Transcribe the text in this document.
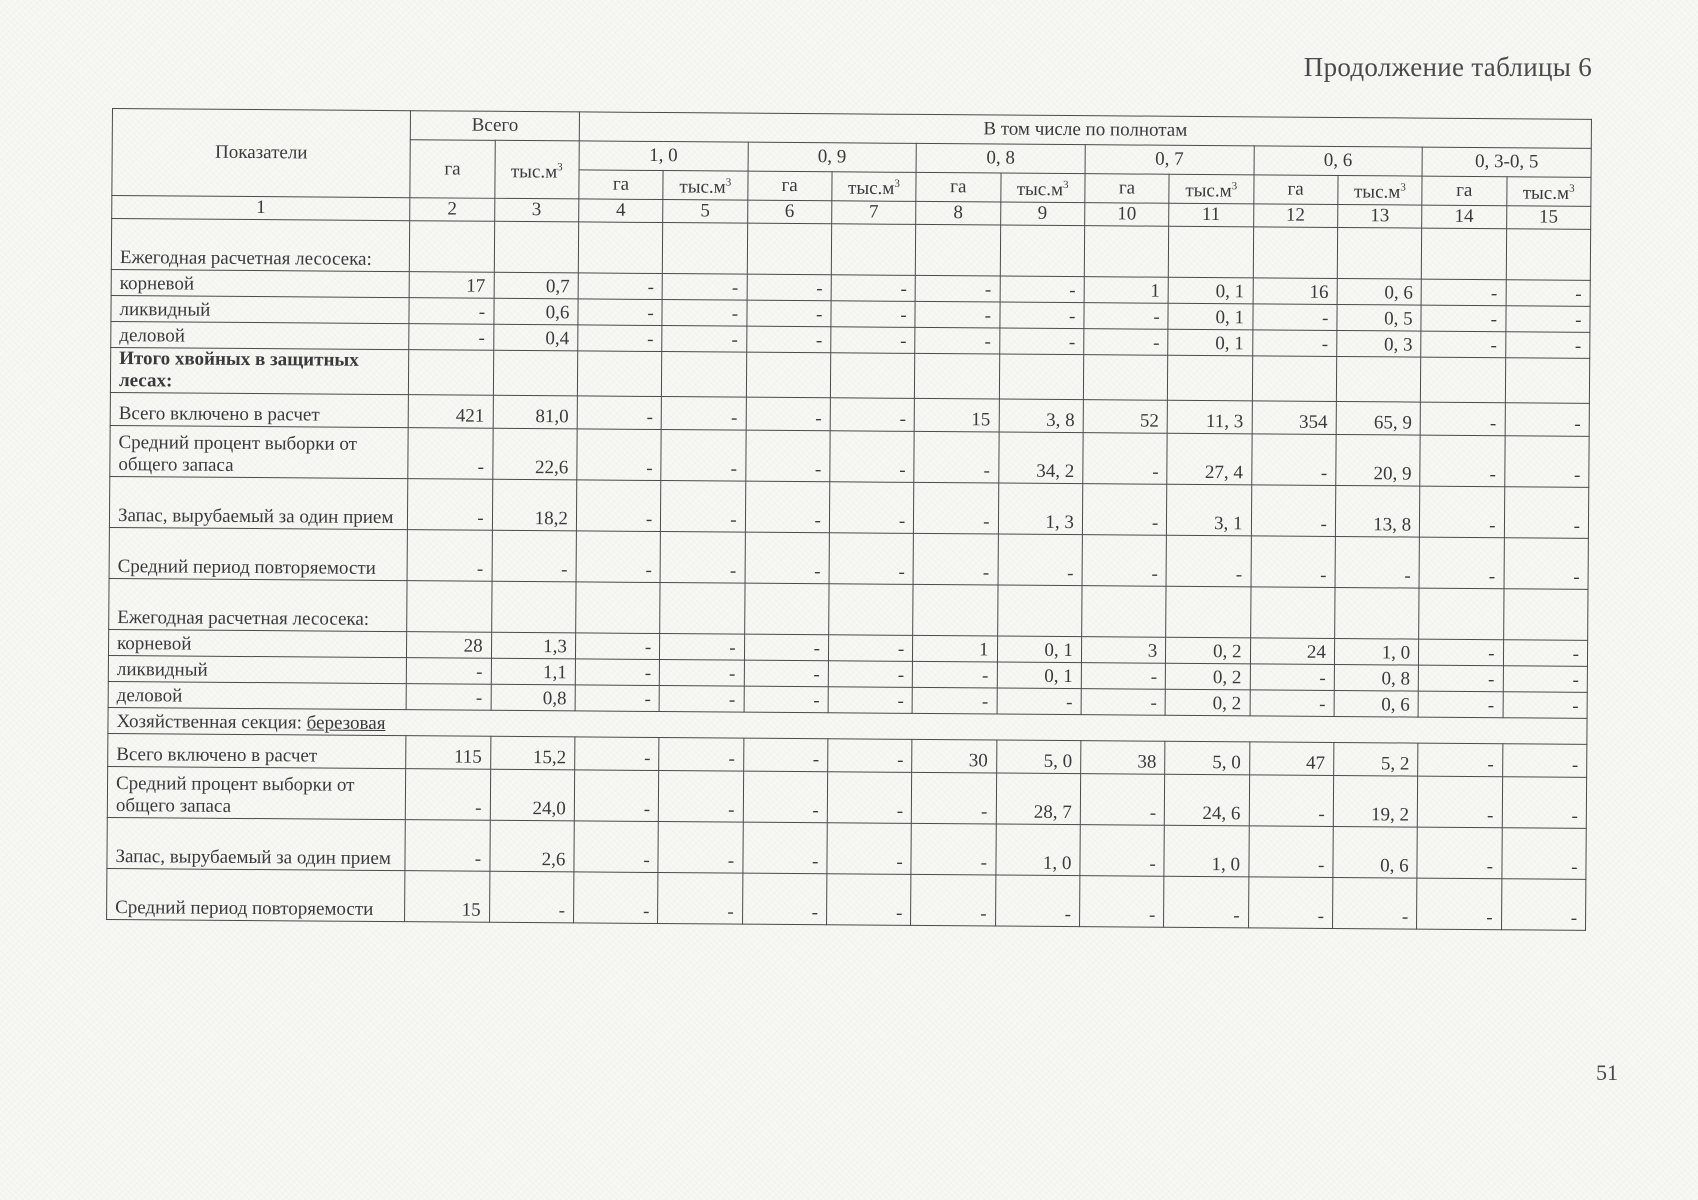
Продолжение таблицы 6
Показатели	Всего		В том числе по полнотам											
	га	$тыс.м^3$	1, 0		0, 9		0, 8		0, 7		0, 6		0, 3-0, 5	
			га	$тыс.м^3$	га	$тыс.м^3$	га	$тыс.м^3$	га	$тыс.м^3$	га	$тыс.м^3$	га	$тыс.м^3$
1	2	3	4	5	6	7	8	9	10	11	12	13	14	15
Ежегодная расчетная лесосека:														
корневой	17	0,7	-	-	-	-	-	-	1	0, 1	16	0, 6	-	-
ликвидный	-	0,6	-	-	-	-	-	-	-	0, 1	-	0, 5	-	-
деловой	-	0,4	-	-	-	-	-	-	-	0, 1	-	0, 3	-	-
Итого хвойных в защитных лесах:														
Всего включено в расчет	421	81,0	-	-	-	-	15	3, 8	52	11, 3	354	65, 9	-	-
Средний процент выборки от общего запаса	-	22,6	-	-	-	-	-	34, 2	-	27, 4	-	20, 9	-	-
Запас, вырубаемый за один прием	-	18,2	-	-	-	-	-	1, 3	-	3, 1	-	13, 8	-	-
Средний период повторяемости	-	-	-	-	-	-	-	-	-	-	-	-	-	-
Ежегодная расчетная лесосека:														
корневой	28	1,3	-	-	-	-	1	0, 1	3	0, 2	24	1, 0	-	-
ликвидный	-	1,1	-	-	-	-	-	0, 1	-	0, 2	-	0, 8	-	-
деловой	-	0,8	-	-	-	-	-	-	-	0, 2	-	0, 6	-	-
Хозяйственная секция: березовая														
Всего включено в расчет	115	15,2	-	-	-	-	30	5, 0	38	5, 0	47	5, 2	-	-
Средний процент выборки от общего запаса	-	24,0	-	-	-	-	-	28, 7	-	24, 6	-	19, 2	-	-
Запас, вырубаемый за один прием	-	2,6	-	-	-	-	-	1, 0	-	1, 0	-	0, 6	-	-
Средний период повторяемости	15	-	-	-	-	-	-	-	-	-	-	-	-	-
51
